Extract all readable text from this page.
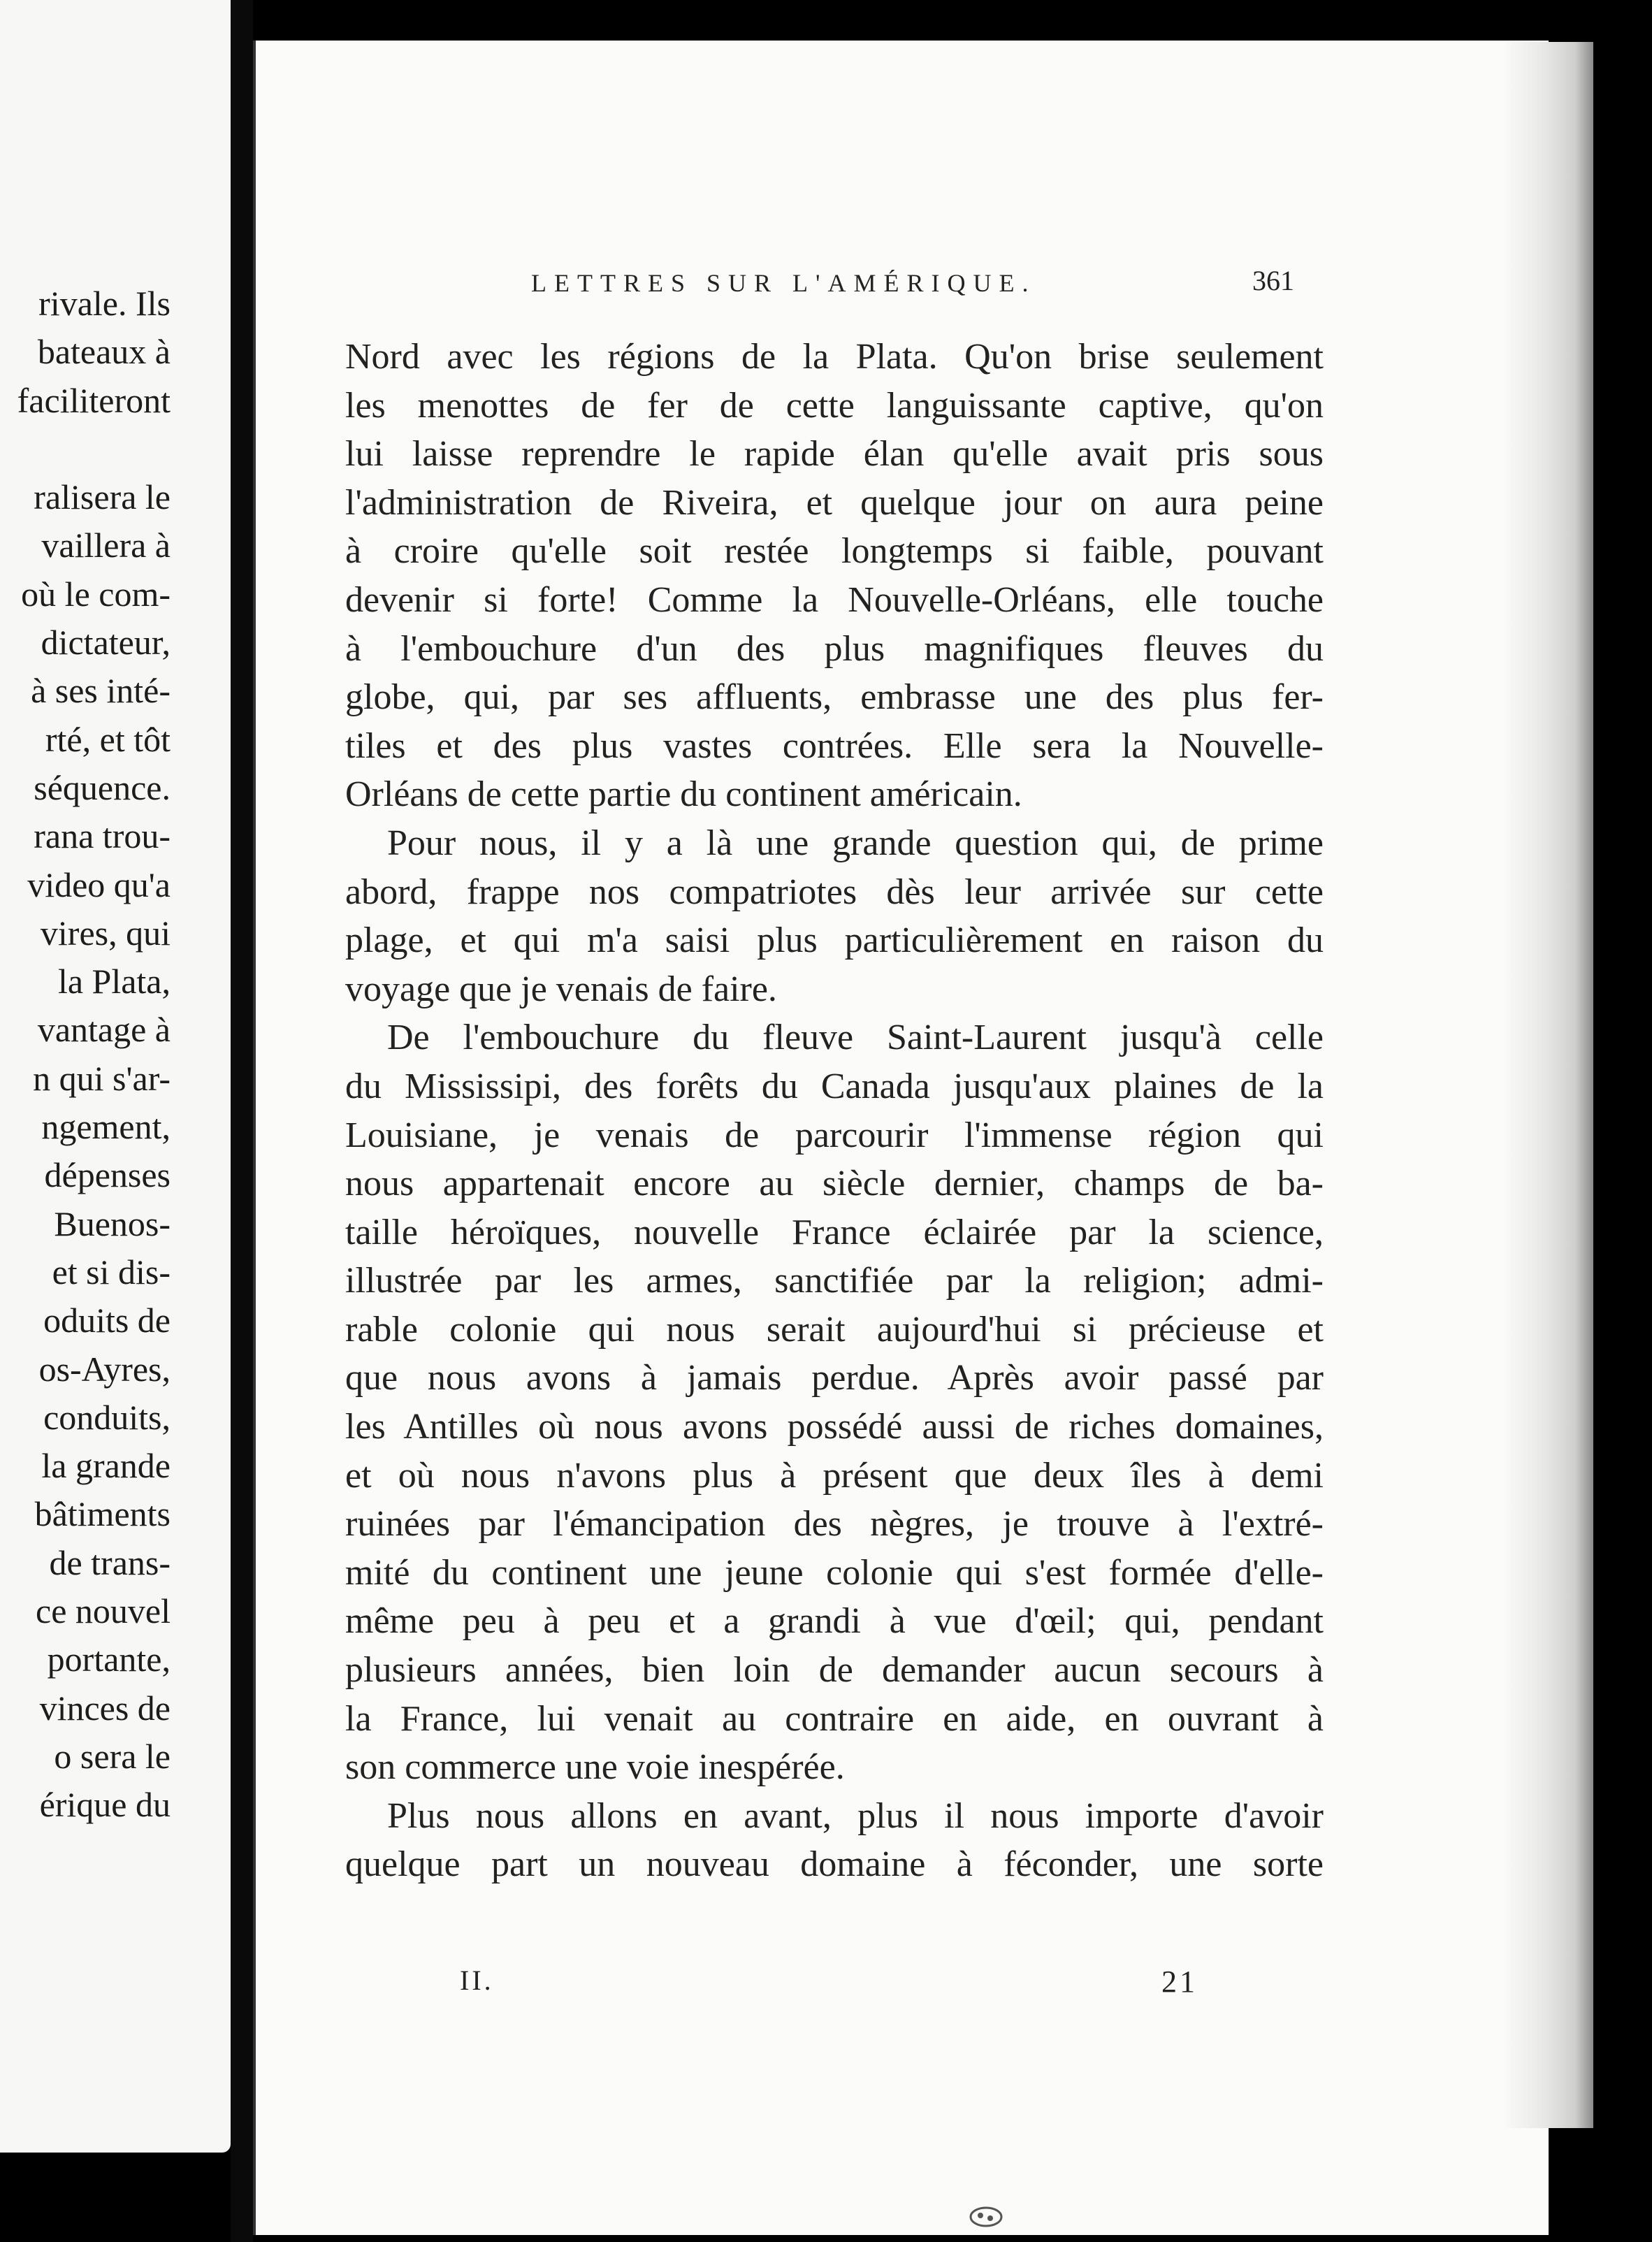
rivale. Ils
bateaux à
faciliteront

ralisera le
vaillera à
où le com-
dictateur,
à ses inté-
rté, et tôt
séquence.
rana trou-
video qu'a
vires, qui
la Plata,
vantage à
n qui s'ar-
ngement,
dépenses
Buenos-
et si dis-
oduits de
os-Ayres,
conduits,
la grande
bâtiments
de trans-
ce nouvel
portante,
vinces de
o sera le
érique du
LETTRES SUR L'AMÉRIQUE.	361
Nord avec les régions de la Plata. Qu'on brise seulement
les menottes de fer de cette languissante captive, qu'on
lui laisse reprendre le rapide élan qu'elle avait pris sous
l'administration de Riveira, et quelque jour on aura peine
à croire qu'elle soit restée longtemps si faible, pouvant
devenir si forte! Comme la Nouvelle-Orléans, elle touche
à l'embouchure d'un des plus magnifiques fleuves du
globe, qui, par ses affluents, embrasse une des plus fer-
tiles et des plus vastes contrées. Elle sera la Nouvelle-
Orléans de cette partie du continent américain.
Pour nous, il y a là une grande question qui, de prime
abord, frappe nos compatriotes dès leur arrivée sur cette
plage, et qui m'a saisi plus particulièrement en raison du
voyage que je venais de faire.
De l'embouchure du fleuve Saint-Laurent jusqu'à celle
du Mississipi, des forêts du Canada jusqu'aux plaines de la
Louisiane, je venais de parcourir l'immense région qui
nous appartenait encore au siècle dernier, champs de ba-
taille héroïques, nouvelle France éclairée par la science,
illustrée par les armes, sanctifiée par la religion; admi-
rable colonie qui nous serait aujourd'hui si précieuse et
que nous avons à jamais perdue. Après avoir passé par
les Antilles où nous avons possédé aussi de riches domaines,
et où nous n'avons plus à présent que deux îles à demi
ruinées par l'émancipation des nègres, je trouve à l'extré-
mité du continent une jeune colonie qui s'est formée d'elle-
même peu à peu et a grandi à vue d'œil; qui, pendant
plusieurs années, bien loin de demander aucun secours à
la France, lui venait au contraire en aide, en ouvrant à
son commerce une voie inespérée.
Plus nous allons en avant, plus il nous importe d'avoir
quelque part un nouveau domaine à féconder, une sorte
II.	21
